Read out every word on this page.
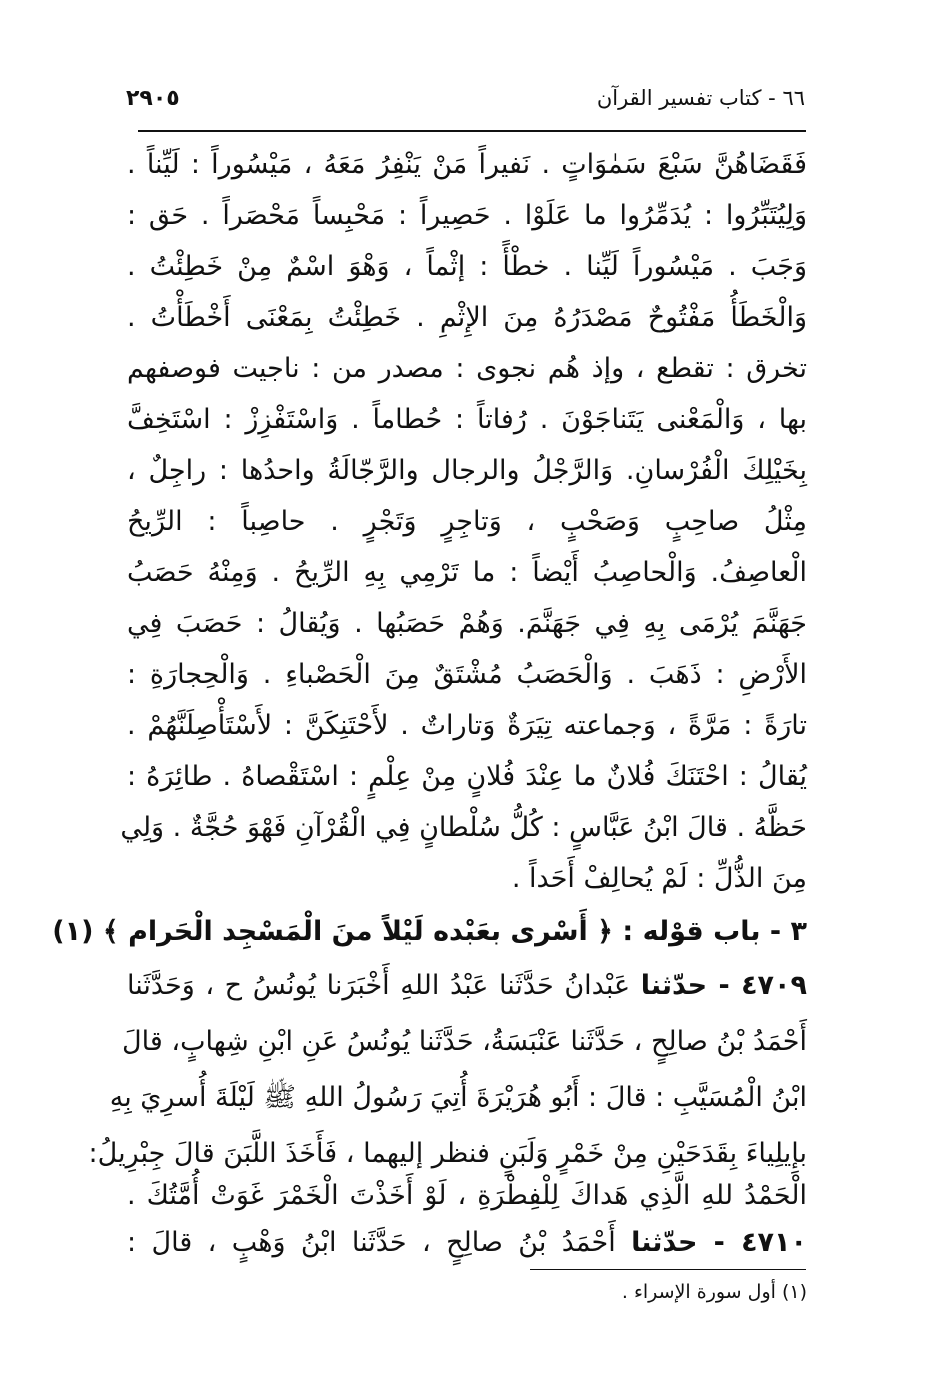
٢٩٠٥	٦٦ - كتاب تفسير القرآن
فَقَضَاهُنَّ سَبْعَ سَمٰوَاتٍ . نَفيراً مَنْ يَنْفِرُ مَعَهُ ، مَيْسُوراً : لَيِّناً .
وَلِيُتَبِّرُوا : يُدَمِّرُوا ما عَلَوْا . حَصِيراً : مَحْبِساً مَحْصَراً . حَق :
وَجَبَ . مَيْسُوراً لَيِّنا . خطْأً : إثْماً ، وَهْوَ اسْمٌ مِنْ خَطِئْتُ .
وَالْخَطَأُ مَفْتُوحٌ مَصْدَرُهُ مِنَ الإِثْمِ . خَطِئْتُ بِمَعْنَى أَخْطَأْتُ .
تخرق : تقطع ، وإذ هُم نجوى : مصدر من : ناجيت فوصفهم
بها ، وَالْمَعْنى يَتَناجَوْنَ . رُفاتاً : حُطاماً . وَاسْتَفْزِزْ : اسْتَخِفَّ
بِخَيْلِكَ الْفُرْسانِ. وَالرَّجْلُ والرجال والرَّجّالَةُ واحدُها : راجِلٌ ،
مِثْلُ صاحِبٍ وَصَحْبٍ ، وَتاجِرٍ وَتَجْرٍ . حاصِباً : الرِّيحُ
الْعاصِفُ. وَالْحاصِبُ أَيْضاً : ما تَرْمِي بِهِ الرِّيحُ . وَمِنْهُ حَصَبُ
جَهَنَّمَ يُرْمَى بِهِ فِي جَهَنَّمَ. وَهُمْ حَصَبُها . وَيُقالُ : حَصَبَ فِي
الأَرْضِ : ذَهَبَ . وَالْحَصَبُ مُشْتَقٌ مِنَ الْحَصْباءِ . وَالْحِجارَةِ :
تارَةً : مَرَّةً ، وَجماعته تِيَرَةٌ وَتاراتٌ . لأَحْتَنِكَنَّ : لأَسْتَأْصِلَنَّهُمْ .
يُقالُ : احْتَنَكَ فُلانٌ ما عِنْدَ فُلانٍ مِنْ عِلْمٍ : اسْتَقْصاهُ . طائِرَهُ :
حَظَّهُ . قالَ ابْنُ عَبَّاسٍ : كُلُّ سُلْطانٍ فِي الْقُرْآنِ فَهْوَ حُجَّةٌ . وَلِي
مِنَ الذُّلِّ : لَمْ يُحالِفْ أَحَداً .
٣ - باب قوْله : ﴿ أَسْرى بعَبْده لَيْلاً منَ الْمَسْجِد الْحَرام ﴾ (١)
٤٧٠٩ - حدّثنا عَبْدانُ حَدَّثَنا عَبْدُ اللهِ أَخْبَرَنا يُونُسُ ح ، وَحَدَّثَنا
أَحْمَدُ بْنُ صالِحٍ ، حَدَّثَنا عَنْبَسَةُ، حَدَّثَنا يُونُسُ عَنِ ابْنِ شِهابٍ، قالَ
ابْنُ الْمُسَيَّبِ : قالَ : أَبُو هُرَيْرَةَ أُتِيَ رَسُولُ اللهِ ﷺ لَيْلَةَ أُسرِيَ بِهِ
بإِيلِياءَ بِقَدَحَيْنِ مِنْ خَمْرٍ وَلَبَنٍ فنظر إليهما ، فَأَخَذَ اللَّبَنَ قالَ جِبْرِيلُ:
الْحَمْدُ للهِ الَّذِي هَداكَ لِلْفِطْرَةِ ، لَوْ أَخَذْتَ الْخَمْرَ غَوَتْ أُمَّتُكَ .
٤٧١٠ - حدّثنا أَحْمَدُ بْنُ صالِحٍ ، حَدَّثَنا ابْنُ وَهْبٍ ، قالَ :
(١) أول سورة الإسراء .
